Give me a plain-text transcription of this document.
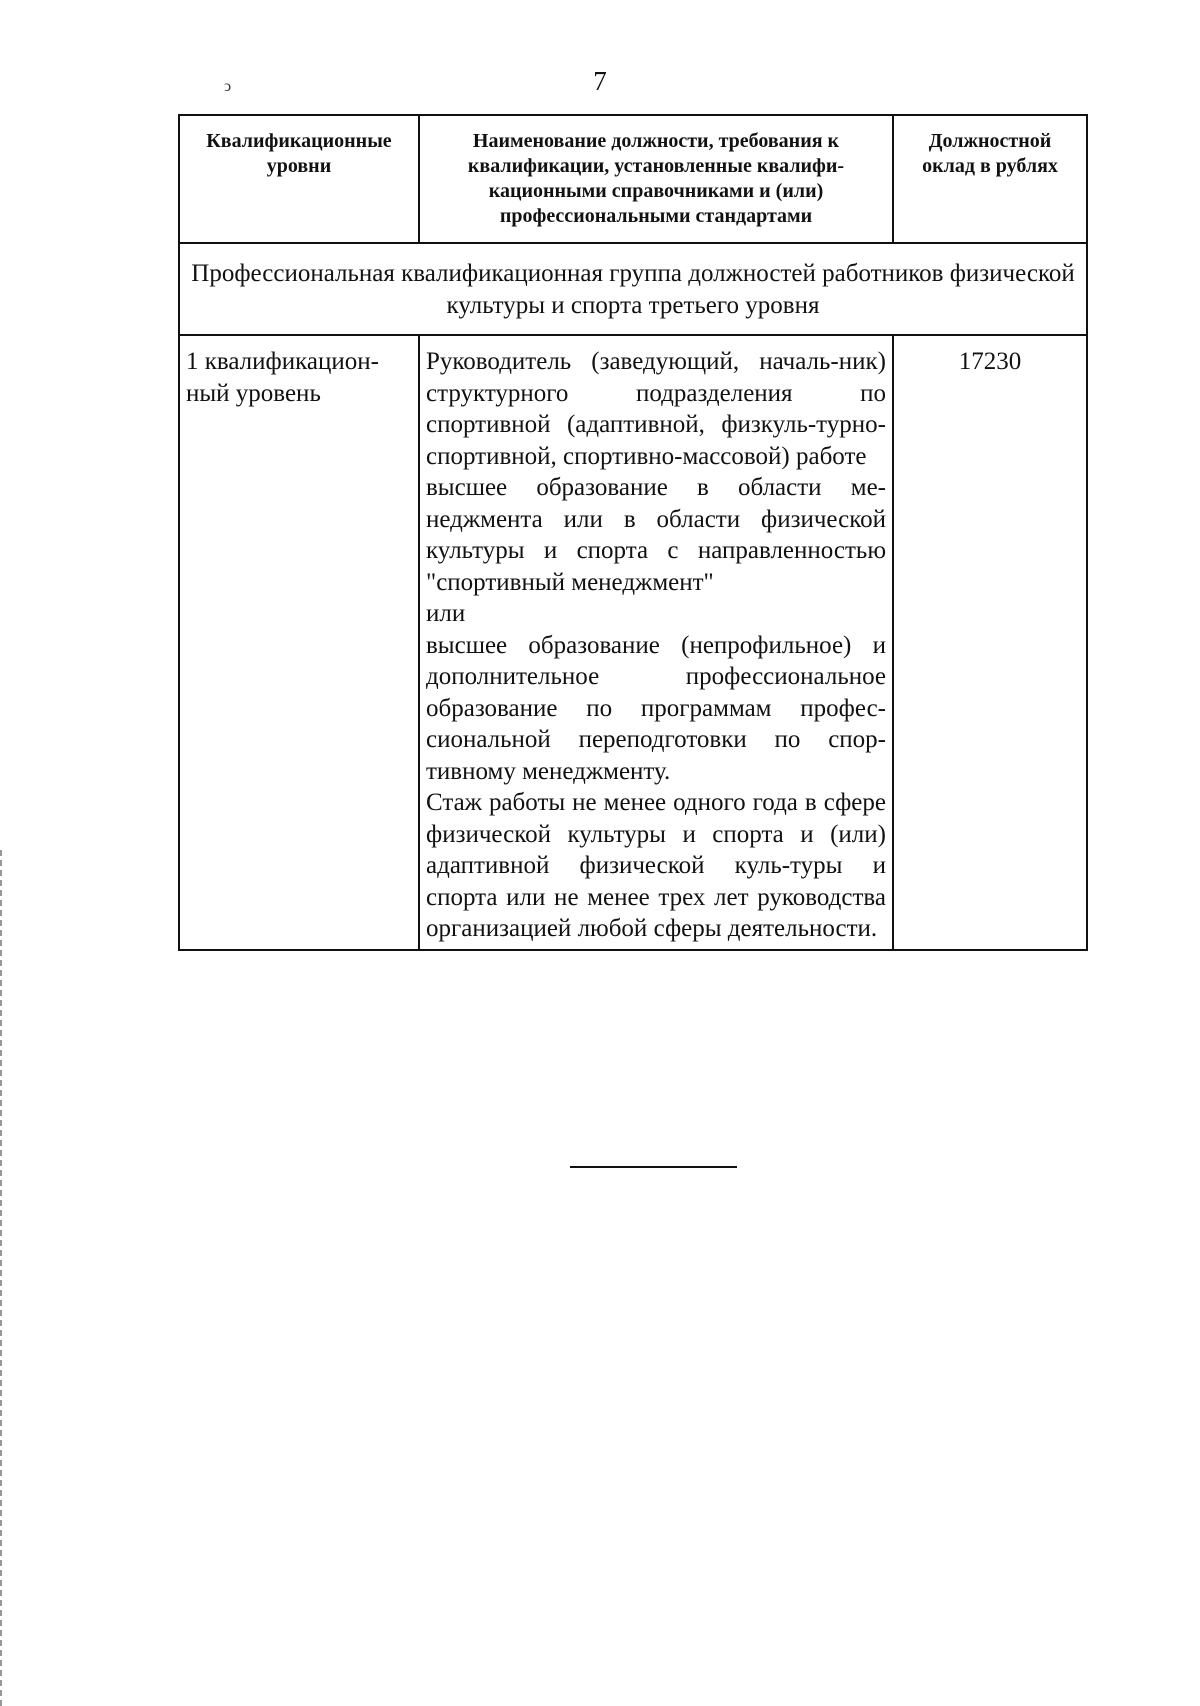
7
ↄ
Квалификационные уровни	Наименование должности, требования к квалификации, установленные квалифи-кационными справочниками и (или) профессиональными стандартами	Должностной оклад в рублях
Профессиональная квалификационная группа должностей работников физической культуры и спорта третьего уровня		
1 квалификацион-ный уровень	Руководитель (заведующий, началь-ник) структурного подразделения по спортивной (адаптивной, физкуль-турно-спортивной, спортивно-массовой) работе

высшее образование в области ме-неджмента или в области физической культуры и спорта с направленностью "спортивный менеджмент"

или

высшее образование (непрофильное) и дополнительное профессиональное образование по программам профес-сиональной переподготовки по спор-тивному менеджменту.

Стаж работы не менее одного года в сфере физической культуры и спорта и (или) адаптивной физической куль-туры и спорта или не менее трех лет руководства организацией любой сферы деятельности.	17230
